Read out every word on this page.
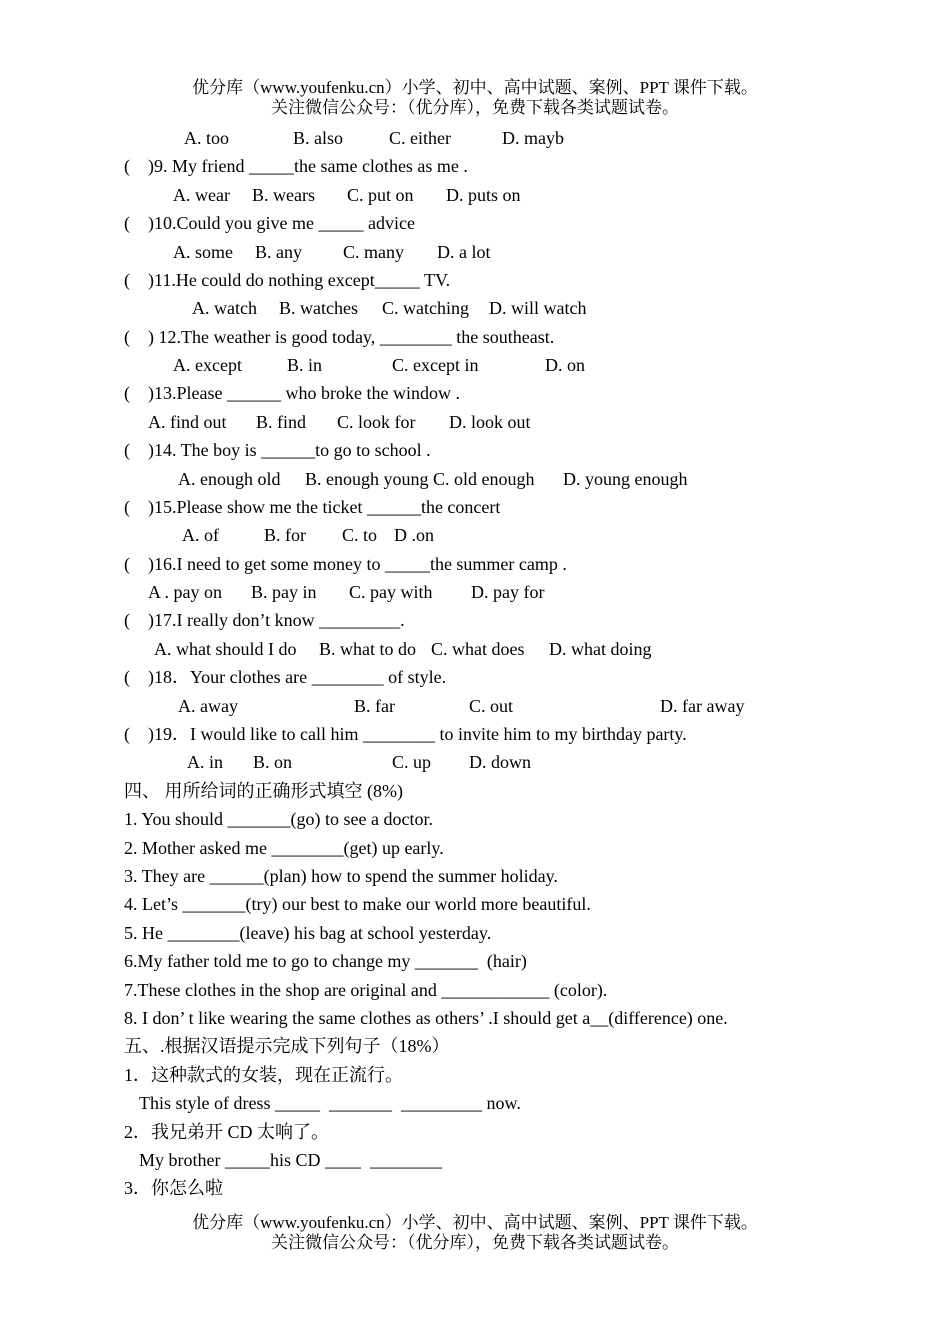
优分库（www.youfenku.cn）小学、初中、高中试题、案例、PPT 课件下载。
关注微信公众号：（优分库），免费下载各类试题试卷。
A. too	B. also	C. either	D. mayb
(    )9. My friend _____the same clothes as me .
A. wear B. wears C. put on D. puts on
(    )10.Could you give me _____ advice
A. some B. any C. many D. a lot
(    )11.He could do nothing except_____ TV.
A. watch B. watches C. watching D. will watch
(    ) 12.The weather is good today, ________ the southeast.
A. except	B. in	C. except in	D. on
(    )13.Please ______ who broke the window .
A. find out B. find C. look for D. look out
(    )14. The boy is ______to go to school .
A. enough old B. enough young C. old enough D. young enough
(    )15.Please show me the ticket ______the concert
A. of	B. for C. to D .on
(    )16.I need to get some money to _____the summer camp .
A . pay on B. pay in C. pay with D. pay for
(    )17.I really don’t know _________.
A. what should I do B. what to do C. what does D. what doing
(    )18．Your clothes are ________ of style.
A. away	B. far	C. out	D. far away
(    )19．I would like to call him ________ to invite him to my birthday party.
A. in B. on	C. up D. down
四、 用所给词的正确形式填空 (8%)
1. You should _______(go) to see a doctor.
2. Mother asked me ________(get) up early.
3. They are ______(plan) how to spend the summer holiday.
4. Let’s _______(try) our best to make our world more beautiful.
5. He ________(leave) his bag at school yesterday.
6.My father told me to go to change my _______  (hair)
7.These clothes in the shop are original and ____________ (color).
8. I don’ t like wearing the same clothes as others’ .I should get a__(difference) one.
五、.根据汉语提示完成下列句子（18%）
1．这种款式的女装，现在正流行。
This style of dress _____  _______  _________ now.
2．我兄弟开 CD 太响了。
My brother _____his CD ____  ________
3．你怎么啦
优分库（www.youfenku.cn）小学、初中、高中试题、案例、PPT 课件下载。
关注微信公众号：（优分库），免费下载各类试题试卷。
